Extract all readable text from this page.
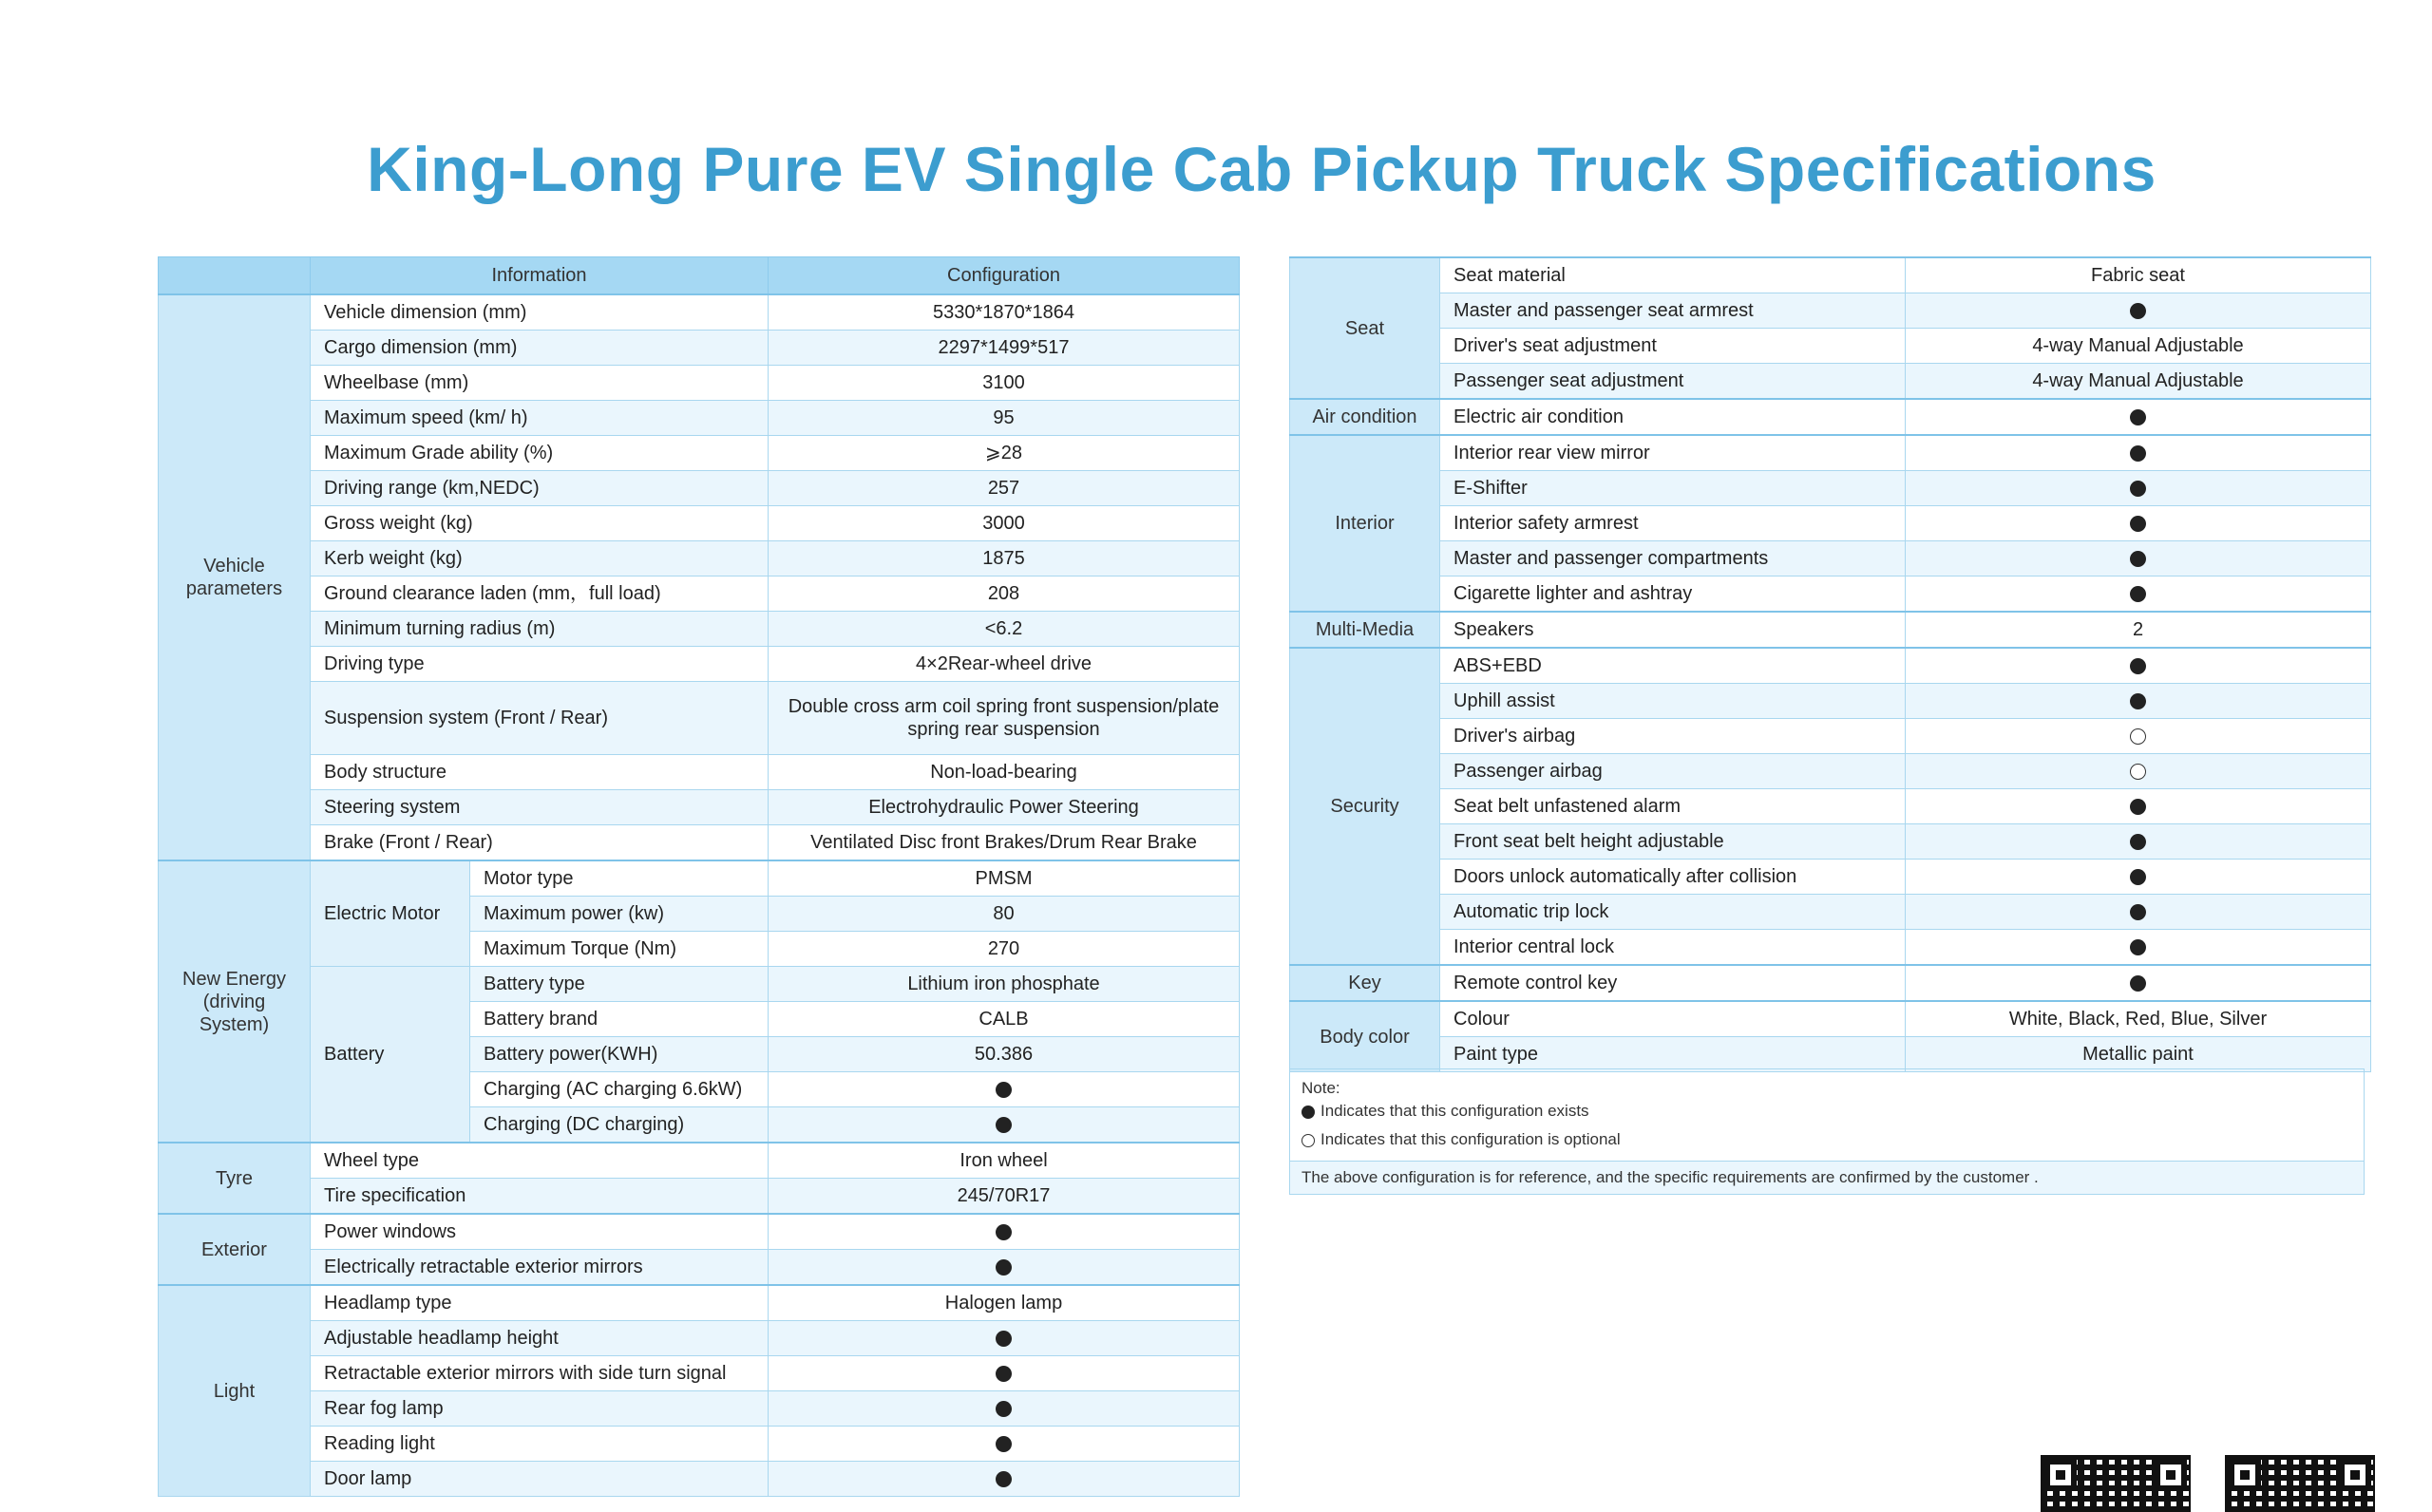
King-Long Pure EV Single Cab Pickup Truck Specifications
	Information		Configuration
Vehicle parameters	Vehicle dimension (mm)		5330*1870*1864
	Cargo dimension (mm)		2297*1499*517
	Wheelbase (mm)		3100
	Maximum speed (km/ h)		95
	Maximum Grade ability (%)		⩾28
	Driving range (km,NEDC)		257
	Gross weight (kg)		3000
	Kerb weight (kg)		1875
	Ground clearance laden (mm，full load)		208
	Minimum turning radius (m)		<6.2
	Driving type		4×2Rear-wheel drive
	Suspension system (Front / Rear)		Double cross arm coil spring front suspension/plate spring rear suspension
	Body structure		Non-load-bearing
	Steering system		Electrohydraulic Power Steering
	Brake (Front / Rear)		Ventilated Disc front Brakes/Drum Rear Brake
New Energy (driving System)	Electric Motor	Motor type	PMSM
		Maximum power (kw)	80
		Maximum Torque (Nm)	270
	Battery	Battery type	Lithium iron phosphate
		Battery brand	CALB
		Battery power(KWH)	50.386
		Charging (AC charging 6.6kW)	
		Charging (DC charging)	
Tyre	Wheel type		Iron wheel
	Tire specification		245/70R17
Exterior	Power windows		
	Electrically retractable exterior mirrors		
Light	Headlamp type		Halogen lamp
	Adjustable headlamp height		
	Retractable exterior mirrors with side turn signal		
	Rear fog lamp		
	Reading light		
	Door lamp		
Seat	Seat material	Fabric seat
	Master and passenger seat armrest	
	Driver's seat adjustment	4-way Manual Adjustable
	Passenger seat adjustment	4-way Manual Adjustable
Air condition	Electric air condition	
Interior	Interior rear view mirror	
	E-Shifter	
	Interior safety armrest	
	Master and passenger compartments	
	Cigarette lighter and ashtray	
Multi-Media	Speakers	2
Security	ABS+EBD	
	Uphill assist	
	Driver's airbag	
	Passenger airbag	
	Seat belt unfastened alarm	
	Front seat belt height adjustable	
	Doors unlock automatically after collision	
	Automatic trip lock	
	Interior central lock	
Key	Remote control key	
Body color	Colour	White, Black, Red, Blue, Silver
	Paint type	Metallic paint
Note:
Indicates that this configuration exists
Indicates that this configuration is optional
The above configuration is for reference, and the specific requirements are confirmed by the customer .
